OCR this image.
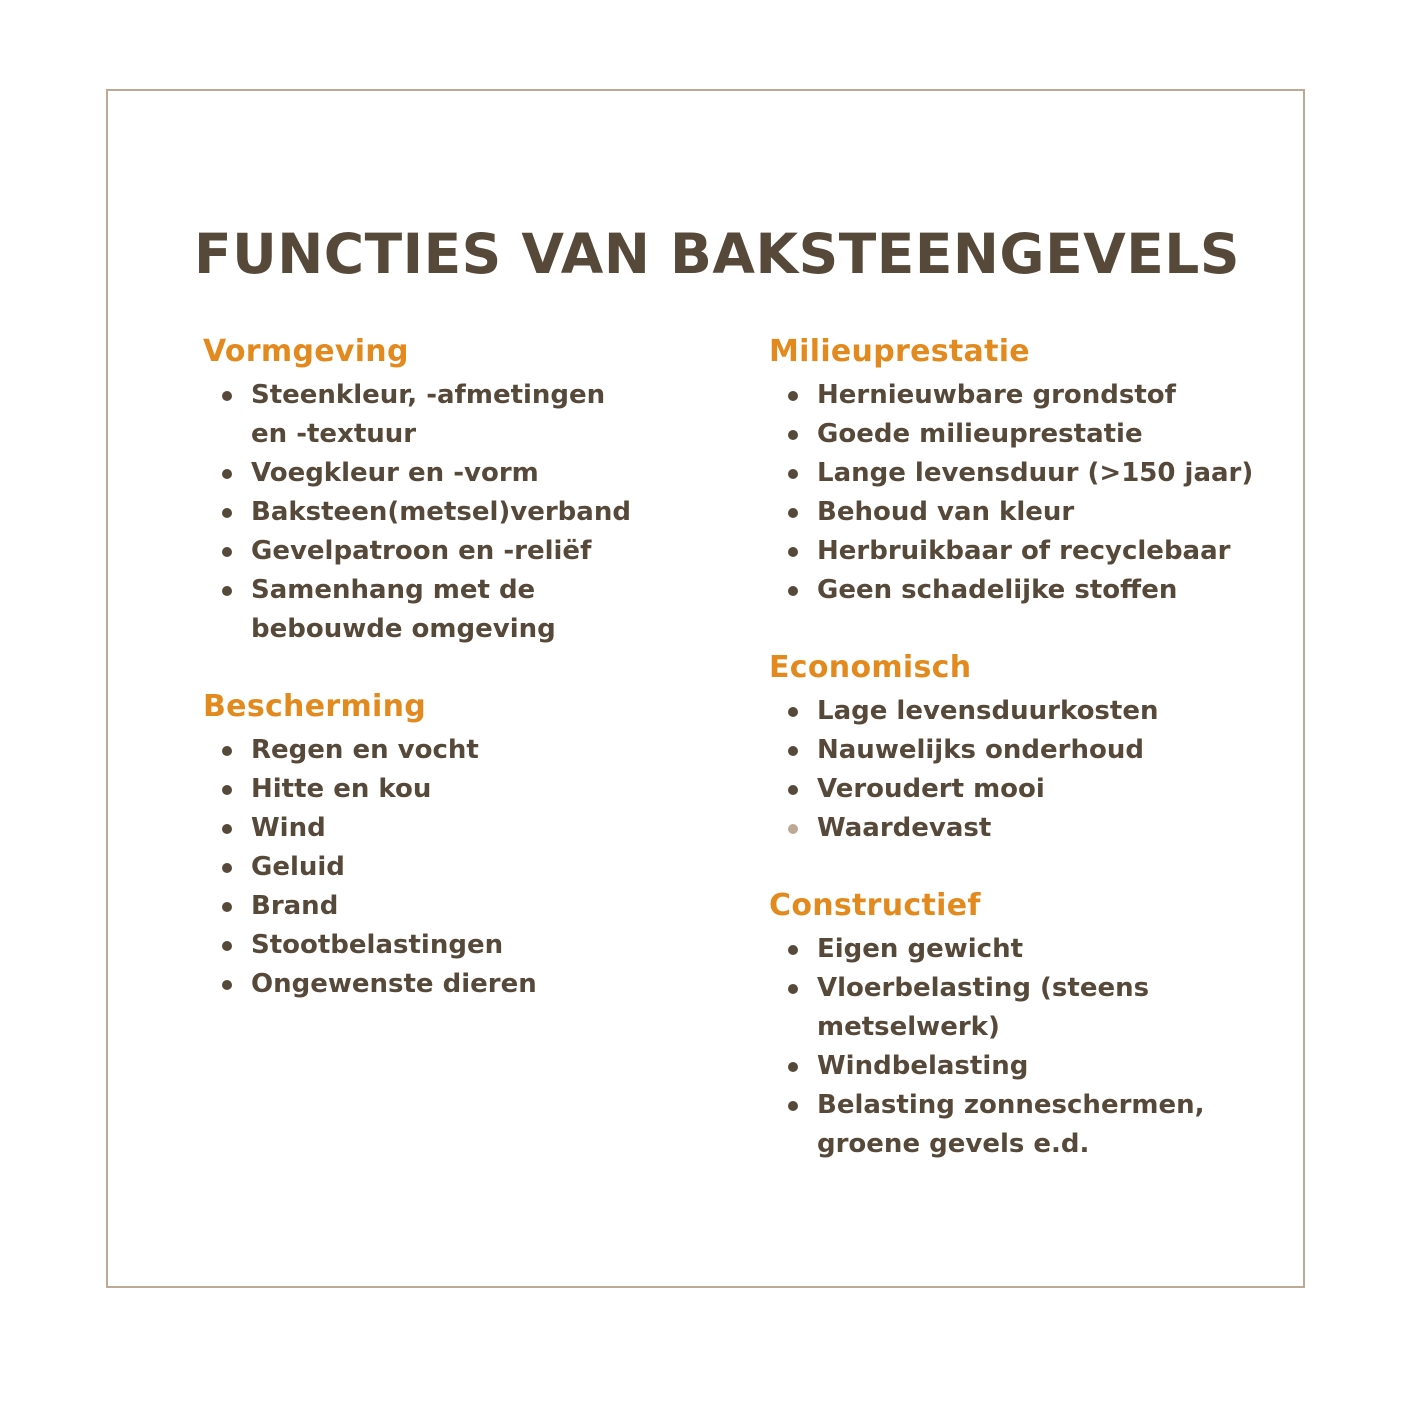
FUNCTIES VAN BAKSTEENGEVELS
Vormgeving
Steenkleur, -afmetingen en -textuur
Voegkleur en -vorm
Baksteen(metsel)verband
Gevelpatroon en -reliëf
Samenhang met de bebouwde omgeving
Bescherming
Regen en vocht
Hitte en kou
Wind
Geluid
Brand
Stootbelastingen
Ongewenste dieren
Milieuprestatie
Hernieuwbare grondstof
Goede milieuprestatie
Lange levensduur (>150 jaar)
Behoud van kleur
Herbruikbaar of recyclebaar
Geen schadelijke stoffen
Economisch
Lage levensduurkosten
Nauwelijks onderhoud
Veroudert mooi
Waardevast
Constructief
Eigen gewicht
Vloerbelasting (steens metselwerk)
Windbelasting
Belasting zonneschermen, groene gevels e.d.
